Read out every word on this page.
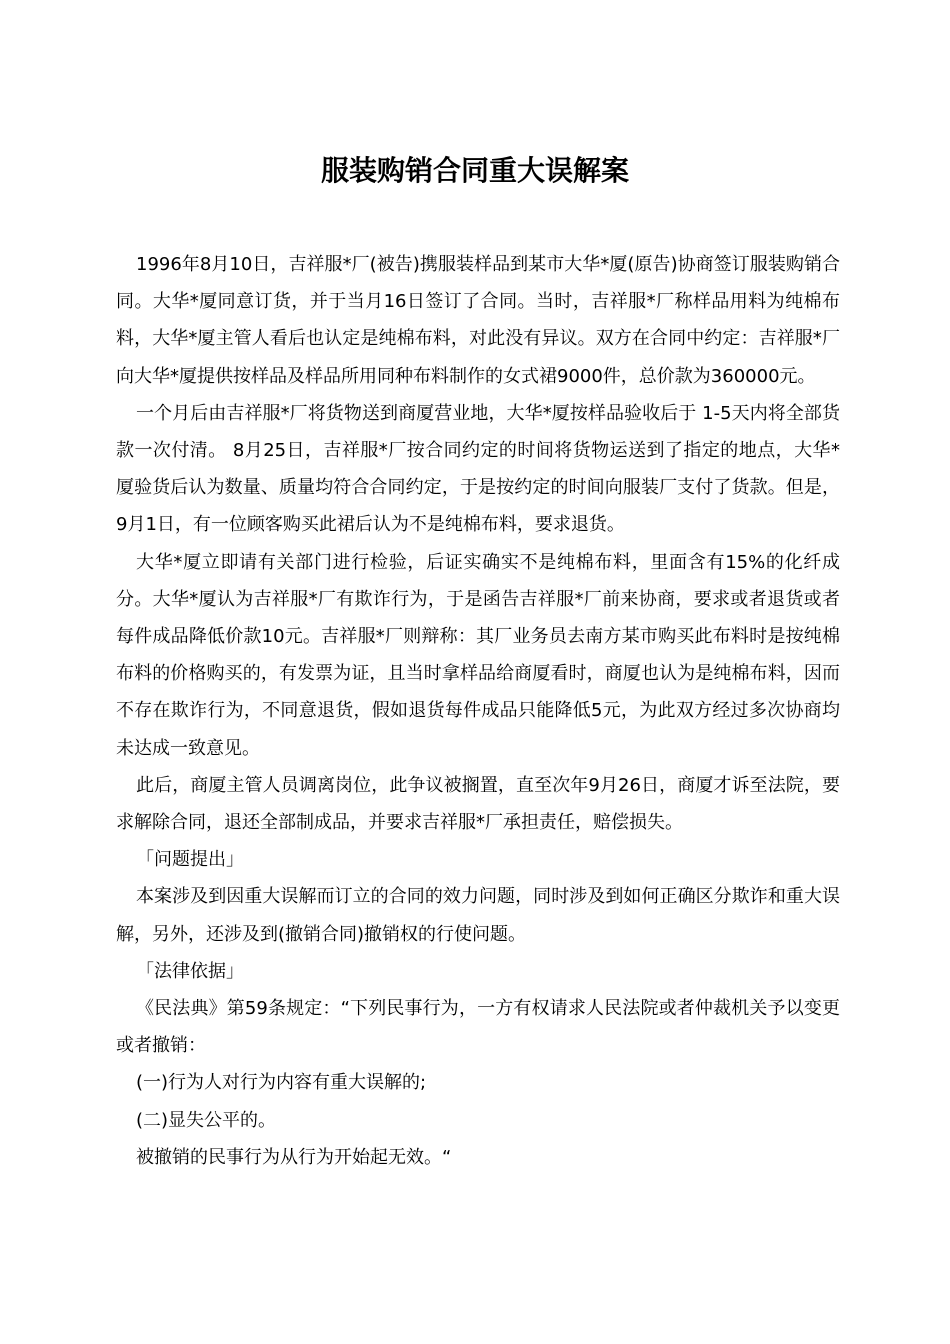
服装购销合同重大误解案

1996年8月10日，吉祥服*厂(被告)携服装样品到某市大华*厦(原告)协商签订服装购销合同。大华*厦同意订货，并于当月16日签订了合同。当时，吉祥服*厂称样品用料为纯棉布料，大华*厦主管人看后也认定是纯棉布料，对此没有异议。双方在合同中约定：吉祥服*厂向大华*厦提供按样品及样品所用同种布料制作的女式裙9000件，总价款为360000元。

一个月后由吉祥服*厂将货物送到商厦营业地，大华*厦按样品验收后于 1-5天内将全部货款一次付清。 8月25日，吉祥服*厂按合同约定的时间将货物运送到了指定的地点，大华*厦验货后认为数量、质量均符合合同约定，于是按约定的时间向服装厂支付了货款。但是，9月1日，有一位顾客购买此裙后认为不是纯棉布料，要求退货。

大华*厦立即请有关部门进行检验，后证实确实不是纯棉布料，里面含有15%的化纤成分。大华*厦认为吉祥服*厂有欺诈行为，于是函告吉祥服*厂前来协商，要求或者退货或者每件成品降低价款10元。吉祥服*厂则辩称：其厂业务员去南方某市购买此布料时是按纯棉布料的价格购买的，有发票为证，且当时拿样品给商厦看时，商厦也认为是纯棉布料，因而不存在欺诈行为，不同意退货，假如退货每件成品只能降低5元，为此双方经过多次协商均未达成一致意见。

此后，商厦主管人员调离岗位，此争议被搁置，直至次年9月26日，商厦才诉至法院，要求解除合同，退还全部制成品，并要求吉祥服*厂承担责任，赔偿损失。

「问题提出」

本案涉及到因重大误解而订立的合同的效力问题，同时涉及到如何正确区分欺诈和重大误解，另外，还涉及到(撤销合同)撤销权的行使问题。

「法律依据」

《民法典》第59条规定：“下列民事行为，一方有权请求人民法院或者仲裁机关予以变更或者撤销：

(一)行为人对行为内容有重大误解的;

(二)显失公平的。

被撤销的民事行为从行为开始起无效。“
